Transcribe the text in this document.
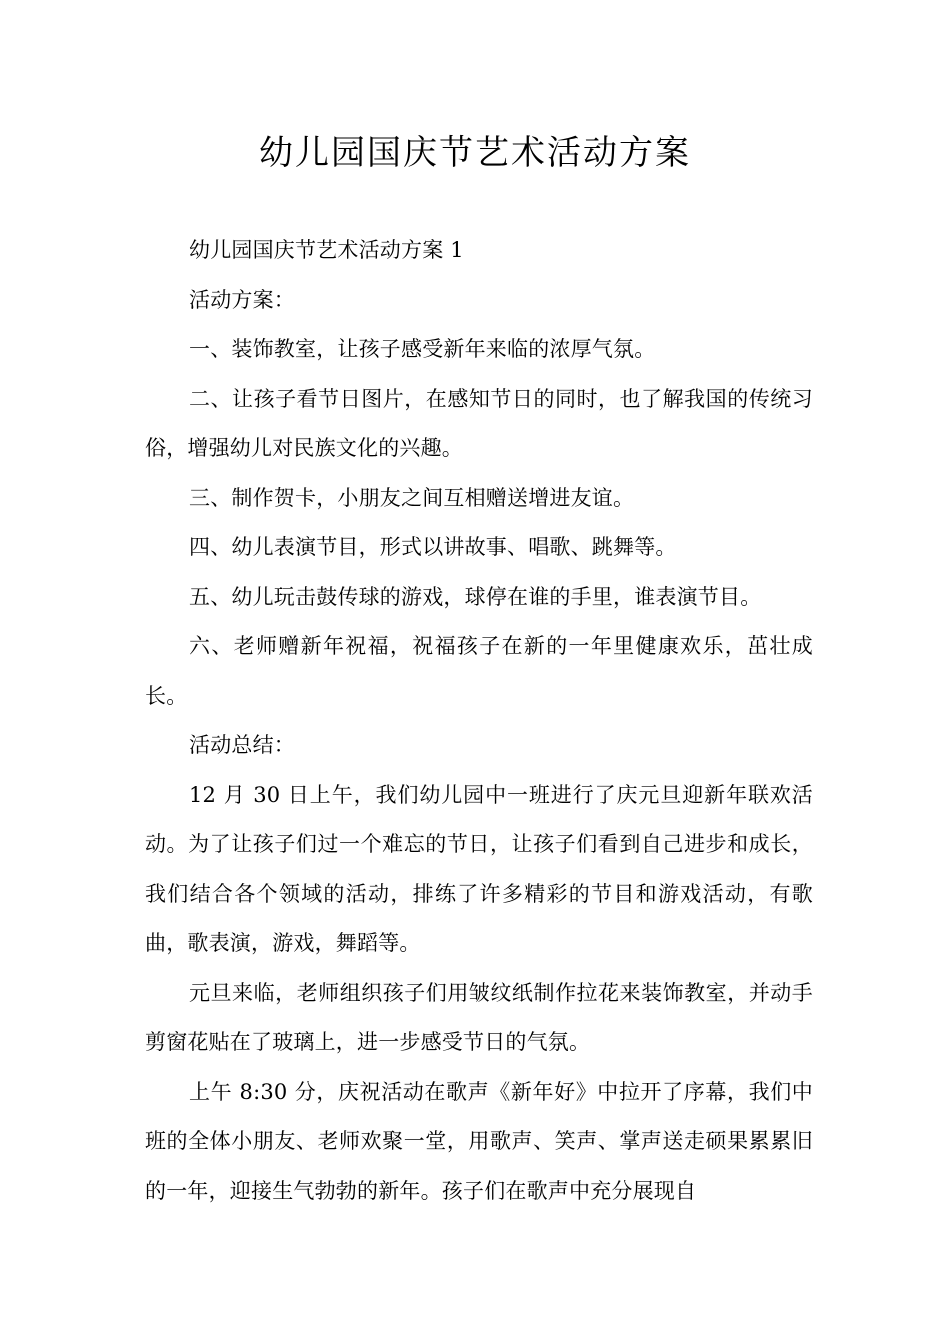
幼儿园国庆节艺术活动方案

幼儿园国庆节艺术活动方案 1

活动方案：

一、装饰教室，让孩子感受新年来临的浓厚气氛。

二、让孩子看节日图片，在感知节日的同时，也了解我国的传统习俗，增强幼儿对民族文化的兴趣。

三、制作贺卡，小朋友之间互相赠送增进友谊。

四、幼儿表演节目，形式以讲故事、唱歌、跳舞等。

五、幼儿玩击鼓传球的游戏，球停在谁的手里，谁表演节目。

六、老师赠新年祝福，祝福孩子在新的一年里健康欢乐，茁壮成长。

活动总结：

12 月 30 日上午，我们幼儿园中一班进行了庆元旦迎新年联欢活动。为了让孩子们过一个难忘的节日，让孩子们看到自己进步和成长，我们结合各个领域的活动，排练了许多精彩的节目和游戏活动，有歌曲，歌表演，游戏，舞蹈等。

元旦来临，老师组织孩子们用皱纹纸制作拉花来装饰教室，并动手剪窗花贴在了玻璃上，进一步感受节日的气氛。

上午 8:30 分，庆祝活动在歌声《新年好》中拉开了序幕，我们中班的全体小朋友、老师欢聚一堂，用歌声、笑声、掌声送走硕果累累旧的一年，迎接生气勃勃的新年。孩子们在歌声中充分展现自
